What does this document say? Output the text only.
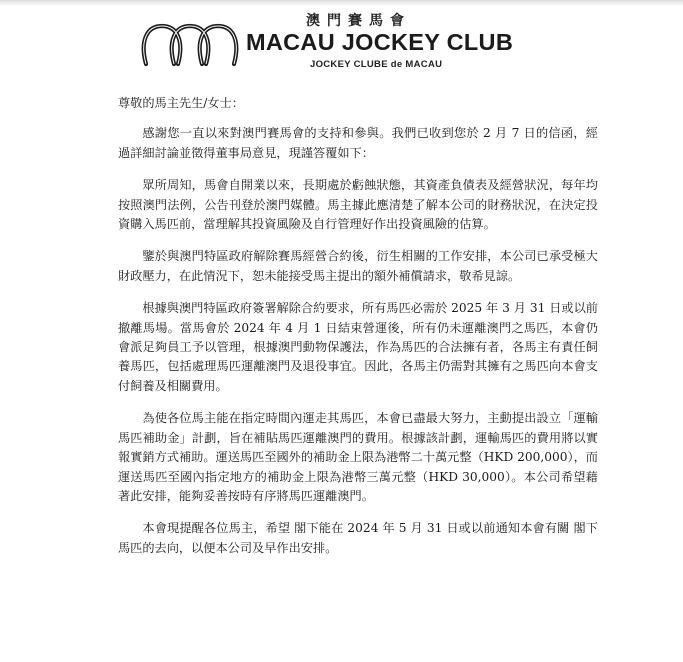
澳門賽馬會
MACAU JOCKEY CLUB
JOCKEY CLUBE de MACAU

尊敬的馬主先生/女士：

感謝您一直以來對澳門賽馬會的支持和參與。我們已收到您於 2 月 7 日的信函，經過詳細討論並徵得董事局意見，現謹答覆如下：

眾所周知，馬會自開業以來，長期處於虧蝕狀態，其資產負債表及經營狀況，每年均按照澳門法例，公告刊登於澳門媒體。馬主據此應清楚了解本公司的財務狀況，在決定投資購入馬匹前，當理解其投資風險及自行管理好作出投資風險的估算。

鑒於與澳門特區政府解除賽馬經營合約後，衍生相關的工作安排，本公司已承受極大財政壓力，在此情況下，恕未能接受馬主提出的額外補償請求，敬希見諒。

根據與澳門特區政府簽署解除合約要求，所有馬匹必需於 2025 年 3 月 31 日或以前撤離馬場。當馬會於 2024 年 4 月 1 日結束營運後，所有仍未運離澳門之馬匹，本會仍會派足夠員工予以管理，根據澳門動物保護法，作為馬匹的合法擁有者，各馬主有責任飼養馬匹，包括處理馬匹運離澳門及退役事宜。因此，各馬主仍需對其擁有之馬匹向本會支付飼養及相關費用。

為使各位馬主能在指定時間內運走其馬匹，本會已盡最大努力，主動提出設立「運輸馬匹補助金」計劃，旨在補貼馬匹運離澳門的費用。根據該計劃，運輸馬匹的費用將以實報實銷方式補助。運送馬匹至國外的補助金上限為港幣二十萬元整（HKD 200,000），而運送馬匹至國內指定地方的補助金上限為港幣三萬元整（HKD 30,000）。本公司希望藉著此安排，能夠妥善按時有序將馬匹運離澳門。

本會現提醒各位馬主，希望 閣下能在 2024 年 5 月 31 日或以前通知本會有關 閣下馬匹的去向，以便本公司及早作出安排。
